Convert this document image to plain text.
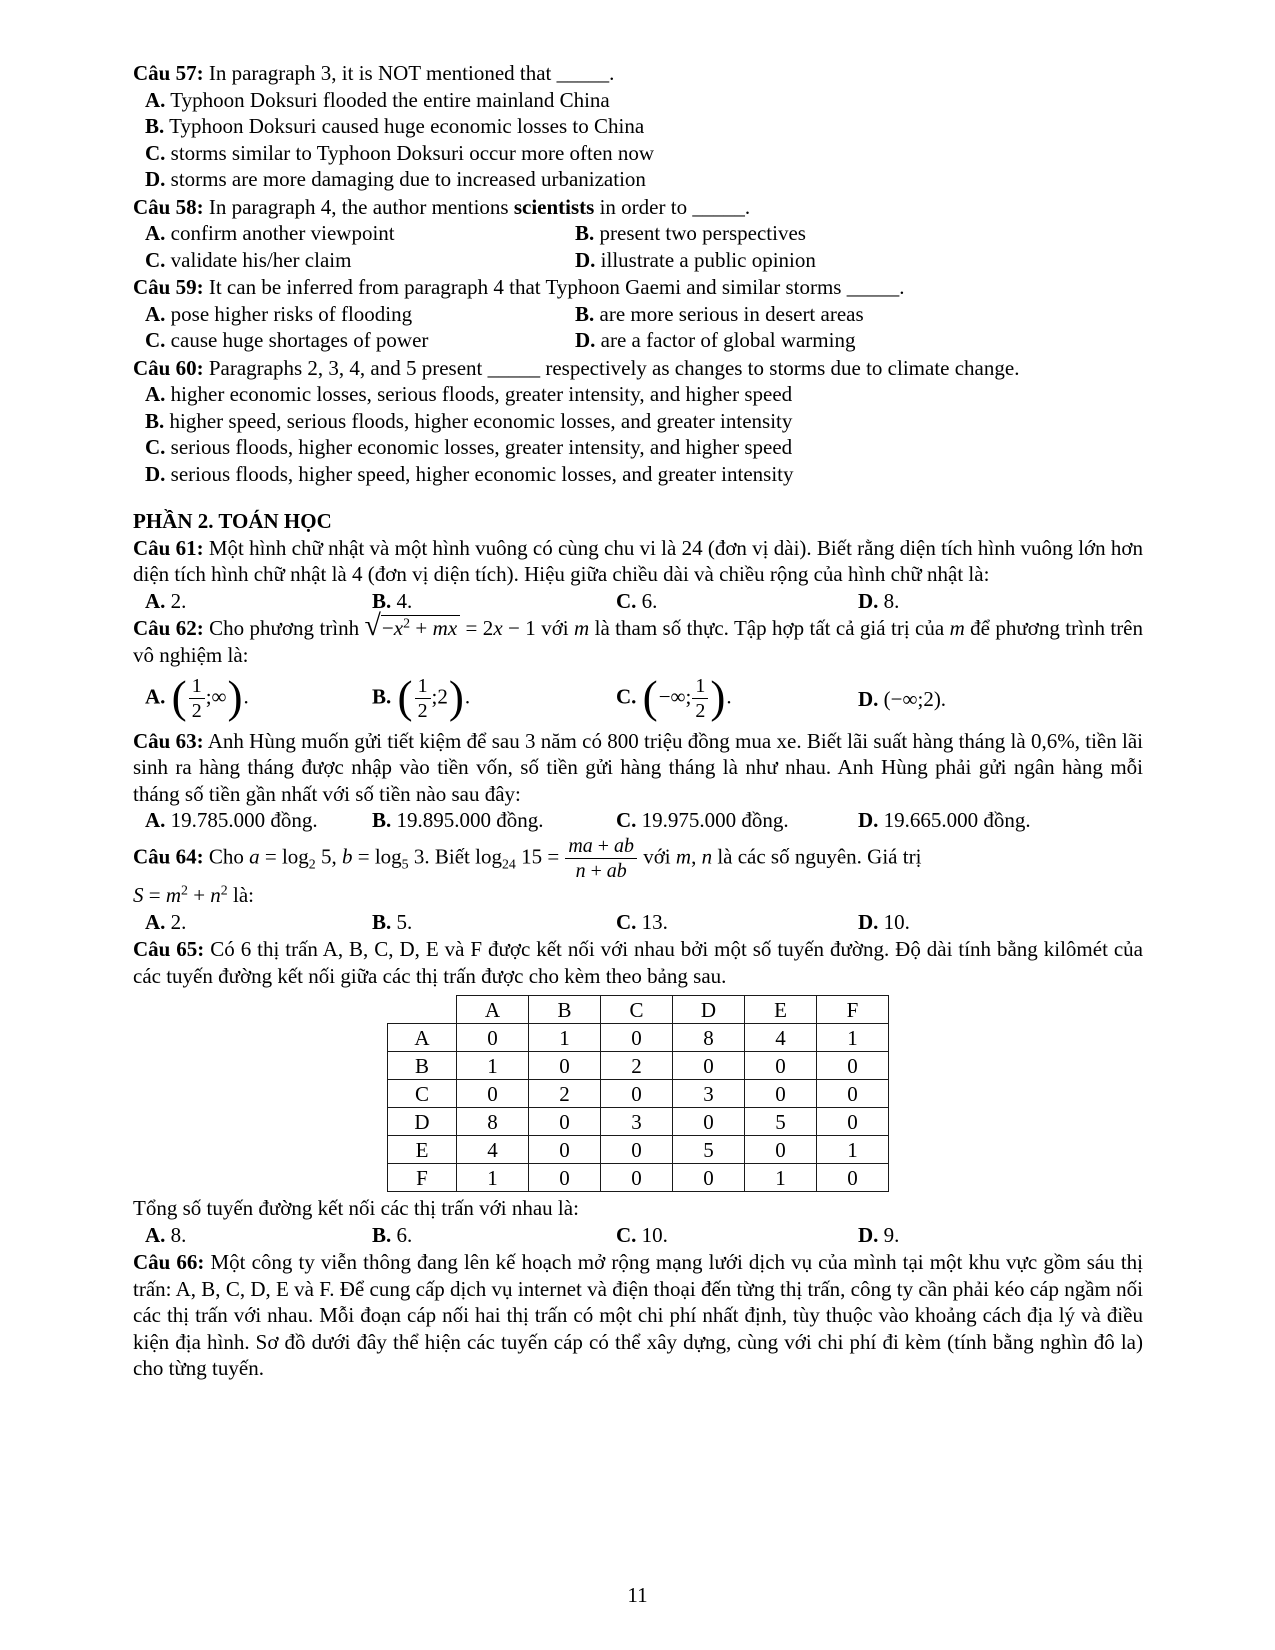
Câu 57: In paragraph 3, it is NOT mentioned that _____.

A. Typhoon Doksuri flooded the entire mainland China
B. Typhoon Doksuri caused huge economic losses to China
C. storms similar to Typhoon Doksuri occur more often now
D. storms are more damaging due to increased urbanization

Câu 58: In paragraph 4, the author mentions scientists in order to _____.

A. confirm another viewpoint	B. present two perspectives
C. validate his/her claim	D. illustrate a public opinion

Câu 59: It can be inferred from paragraph 4 that Typhoon Gaemi and similar storms _____.

A. pose higher risks of flooding	B. are more serious in desert areas
C. cause huge shortages of power	D. are a factor of global warming

Câu 60: Paragraphs 2, 3, 4, and 5 present _____ respectively as changes to storms due to climate change.

A. higher economic losses, serious floods, greater intensity, and higher speed
B. higher speed, serious floods, higher economic losses, and greater intensity
C. serious floods, higher economic losses, greater intensity, and higher speed
D. serious floods, higher speed, higher economic losses, and greater intensity

PHẦN 2. TOÁN HỌC

Câu 61: Một hình chữ nhật và một hình vuông có cùng chu vi là 24 (đơn vị dài). Biết rằng diện tích hình vuông lớn hơn diện tích hình chữ nhật là 4 (đơn vị diện tích). Hiệu giữa chiều dài và chiều rộng của hình chữ nhật là:

A. 2.	B. 4.	C. 6.	D. 8.

Câu 62: Cho phương trình $√-x^2$ + mx = 2x − 1 với m là tham số thực. Tập hợp tất cả giá trị của m để phương trình trên vô nghiệm là:

A. ( $\frac{1}{2}$ ;∞).	B. ( $\frac{1}{2}$ ;2).	C. (−∞; $\frac{1}{2}$ ).	D. (−∞;2).

Câu 63: Anh Hùng muốn gửi tiết kiệm để sau 3 năm có 800 triệu đồng mua xe. Biết lãi suất hàng tháng là 0,6%, tiền lãi sinh ra hàng tháng được nhập vào tiền vốn, số tiền gửi hàng tháng là như nhau. Anh Hùng phải gửi ngân hàng mỗi tháng số tiền gần nhất với số tiền nào sau đây:

A. 19.785.000 đồng.	B. 19.895.000 đồng.	C. 19.975.000 đồng.	D. 19.665.000 đồng.

Câu 64: Cho $a = \log_2 5$, $b = \log_5 3$. Biết $\log_{24} 15 = \frac{ma + ab}{n + ab}$ với m, n là các số nguyên. Giá trị

$S = m^2 + n^2$ là:

A. 2.	B. 5.	C. 13.	D. 10.

Câu 65: Có 6 thị trấn A, B, C, D, E và F được kết nối với nhau bởi một số tuyến đường. Độ dài tính bằng kilômét của các tuyến đường kết nối giữa các thị trấn được cho kèm theo bảng sau.

	A	B	C	D	E	F
A	0	1	0	8	4	1
B	1	0	2	0	0	0
C	0	2	0	3	0	0
D	8	0	3	0	5	0
E	4	0	0	5	0	1
F	1	0	0	0	1	0

Tổng số tuyến đường kết nối các thị trấn với nhau là:

A. 8.	B. 6.	C. 10.	D. 9.

Câu 66: Một công ty viễn thông đang lên kế hoạch mở rộng mạng lưới dịch vụ của mình tại một khu vực gồm sáu thị trấn: A, B, C, D, E và F. Để cung cấp dịch vụ internet và điện thoại đến từng thị trấn, công ty cần phải kéo cáp ngầm nối các thị trấn với nhau. Mỗi đoạn cáp nối hai thị trấn có một chi phí nhất định, tùy thuộc vào khoảng cách địa lý và điều kiện địa hình. Sơ đồ dưới đây thể hiện các tuyến cáp có thể xây dựng, cùng với chi phí đi kèm (tính bằng nghìn đô la) cho từng tuyến.

11
